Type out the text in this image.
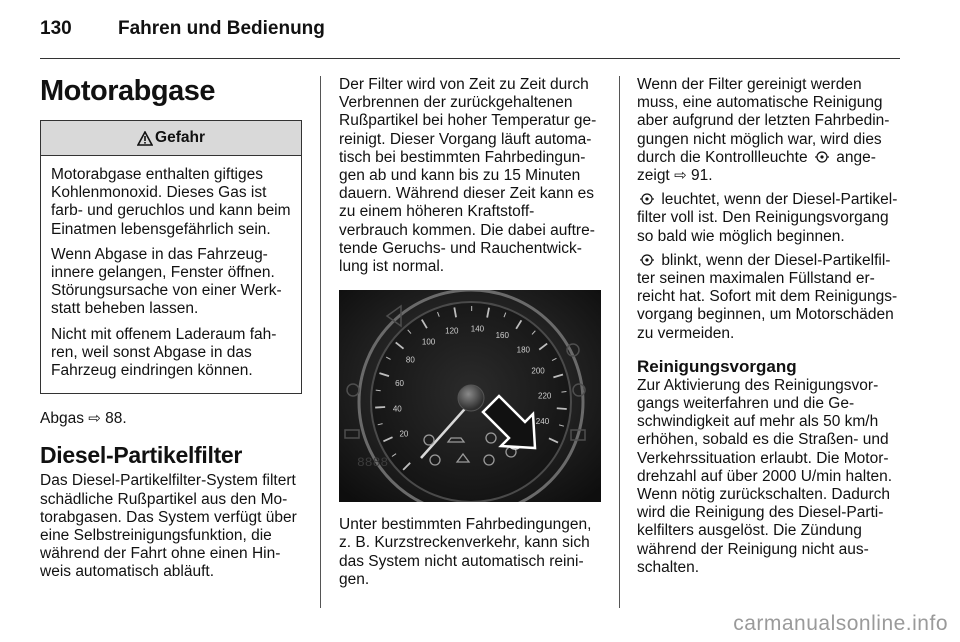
130 Fahren und Bedienung
Motorabgase
Gefahr

Motorabgase enthalten giftiges Kohlenmonoxid. Dieses Gas ist farb- und geruchlos und kann beim Einatmen lebensgefährlich sein.

Wenn Abgase in das Fahrzeug-innere gelangen, Fenster öffnen. Störungsursache von einer Werk-statt beheben lassen.

Nicht mit offenem Laderaum fah-ren, weil sonst Abgase in das Fahrzeug eindringen können.

Abgas ⇨ 88.

Diesel-Partikelfilter

Das Diesel-Partikelfilter-System filtert schädliche Rußpartikel aus den Mo-torabgasen. Das System verfügt über eine Selbstreinigungsfunktion, die während der Fahrt ohne einen Hin-weis automatisch abläuft.

Der Filter wird von Zeit zu Zeit durch Verbrennen der zurückgehaltenen Rußpartikel bei hoher Temperatur ge-reinigt. Dieser Vorgang läuft automa-tisch bei bestimmten Fahrbedingun-gen ab und kann bis zu 15 Minuten dauern. Während dieser Zeit kann es zu einem höheren Kraftstoff-verbrauch kommen. Die dabei auftre-tende Geruchs- und Rauchentwick-lung ist normal.

20
40
60
80
100
120 140
160
180
200
220
240
8888

Unter bestimmten Fahrbedingungen, z. B. Kurzstreckenverkehr, kann sich das System nicht automatisch reini-gen.

Wenn der Filter gereinigt werden muss, eine automatische Reinigung aber aufgrund der letzten Fahrbedin-gungen nicht möglich war, wird dies durch die Kontrollleuchte ange-zeigt ⇨ 91.

leuchtet, wenn der Diesel-Partikel-filter voll ist. Den Reinigungsvorgang so bald wie möglich beginnen.

blinkt, wenn der Diesel-Partikelfil-ter seinen maximalen Füllstand er-reicht hat. Sofort mit dem Reinigungs-vorgang beginnen, um Motorschäden zu vermeiden.

Reinigungsvorgang

Zur Aktivierung des Reinigungsvor-gangs weiterfahren und die Ge-schwindigkeit auf mehr als 50 km/h erhöhen, sobald es die Straßen- und Verkehrssituation erlaubt. Die Motor-drehzahl auf über 2000 U/min halten. Wenn nötig zurückschalten. Dadurch wird die Reinigung des Diesel-Parti-kelfilters ausgelöst. Die Zündung während der Reinigung nicht aus-schalten.

carmanualsonline.info
